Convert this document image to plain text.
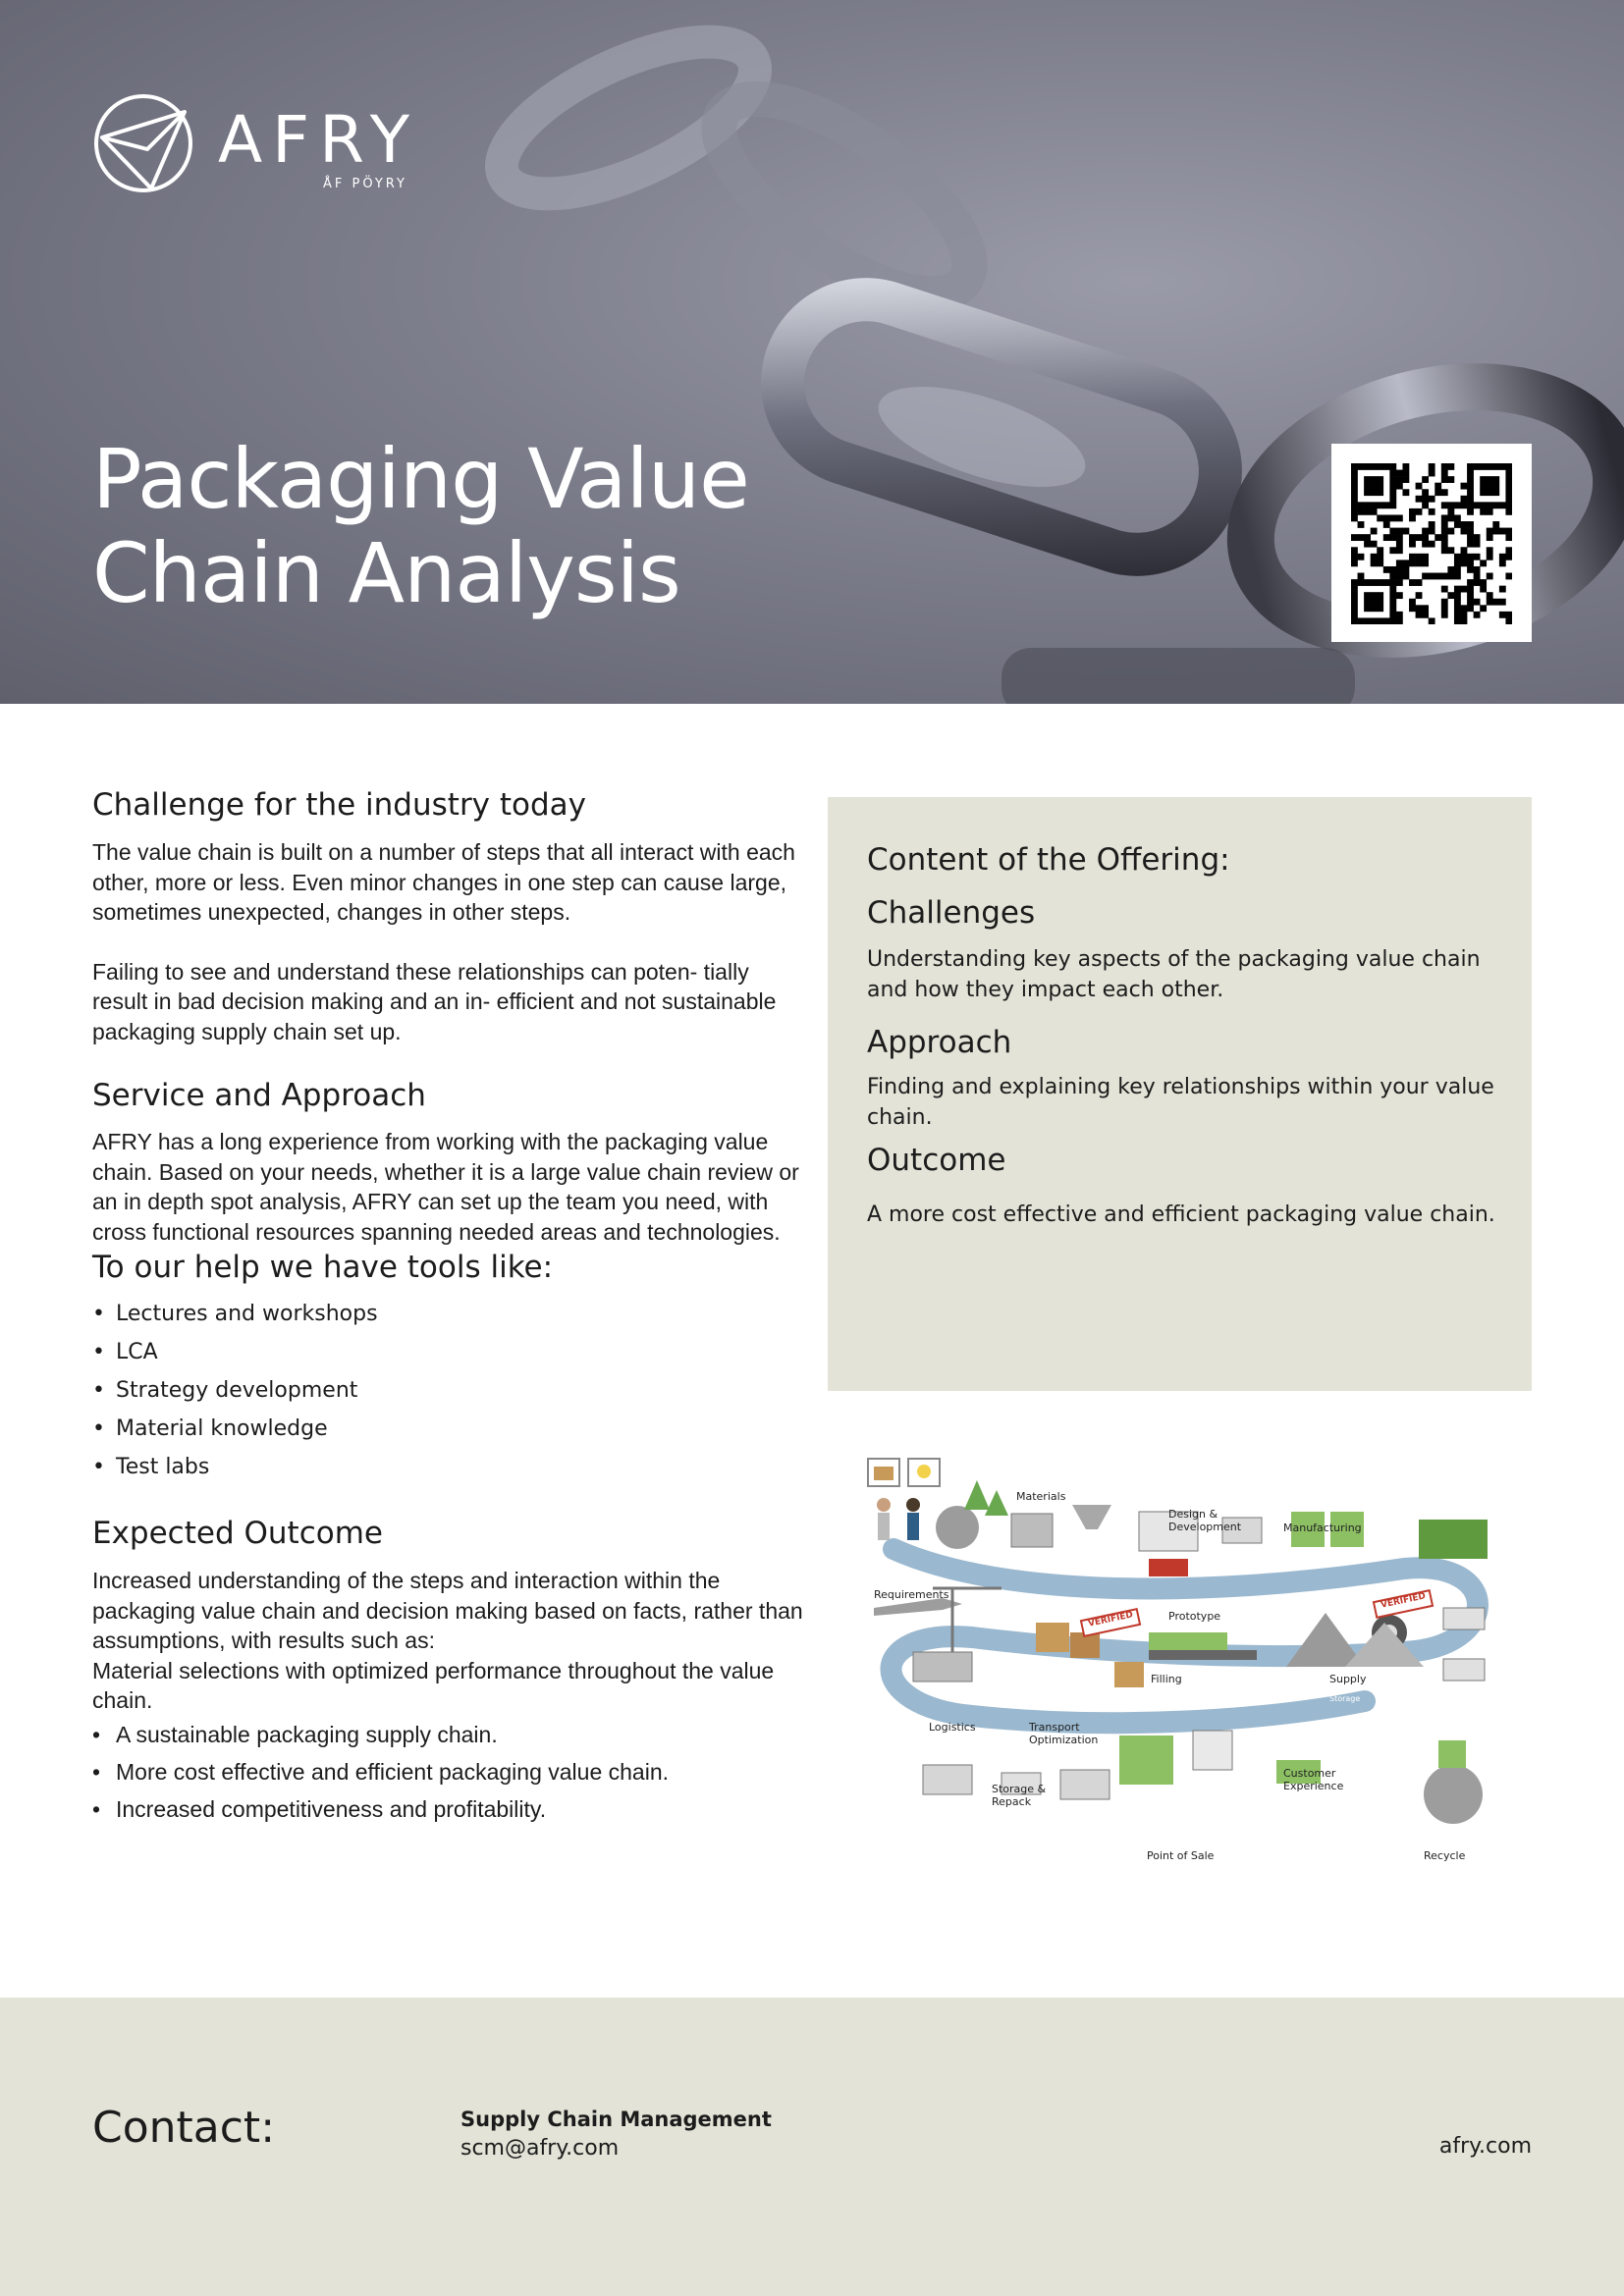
AFRY
ÅF PÖYRY
Packaging Value
Chain Analysis
Challenge for the industry today

The value chain is built on a number of steps that all interact with each other, more or less. Even minor changes in one step can cause large, sometimes unexpected, changes in other steps.

Failing to see and understand these relationships can poten- tially result in bad decision making and an in- efficient and not sustainable packaging supply chain set up.

Service and Approach

AFRY has a long experience from working with the packaging value chain. Based on your needs, whether it is a large value chain review or an in depth spot analysis, AFRY can set up the team you need, with cross functional resources spanning needed areas and technologies.

To our help we have tools like:
• Lectures and workshops
• LCA
• Strategy development
• Material knowledge
• Test labs
Expected Outcome

Increased understanding of the steps and interaction within the packaging value chain and decision making based on facts, rather than assumptions, with results such as:

Material selections with optimized performance throughout the value chain.

• A sustainable packaging supply chain.
• More cost effective and efficient packaging value chain.
• Increased competitiveness and profitability.
Content of the Offering:
Challenges

Understanding key aspects of the packaging value chain and how they impact each other.

Approach

Finding and explaining key relationships within your value chain.

Outcome

A more cost effective and efficient packaging value chain.

Materials
Design &
Development	Manufacturing
Requirements
Prototype
VERIFIED
VERIFIED
Filling	Supply
Storage
Logistics	Transport
Optimization
Storage &
Repack
Storage
Storage
Customer
Experience
Point of Sale	Recycle
Contact:	Supply Chain Management
scm@afry.com	afry.com
